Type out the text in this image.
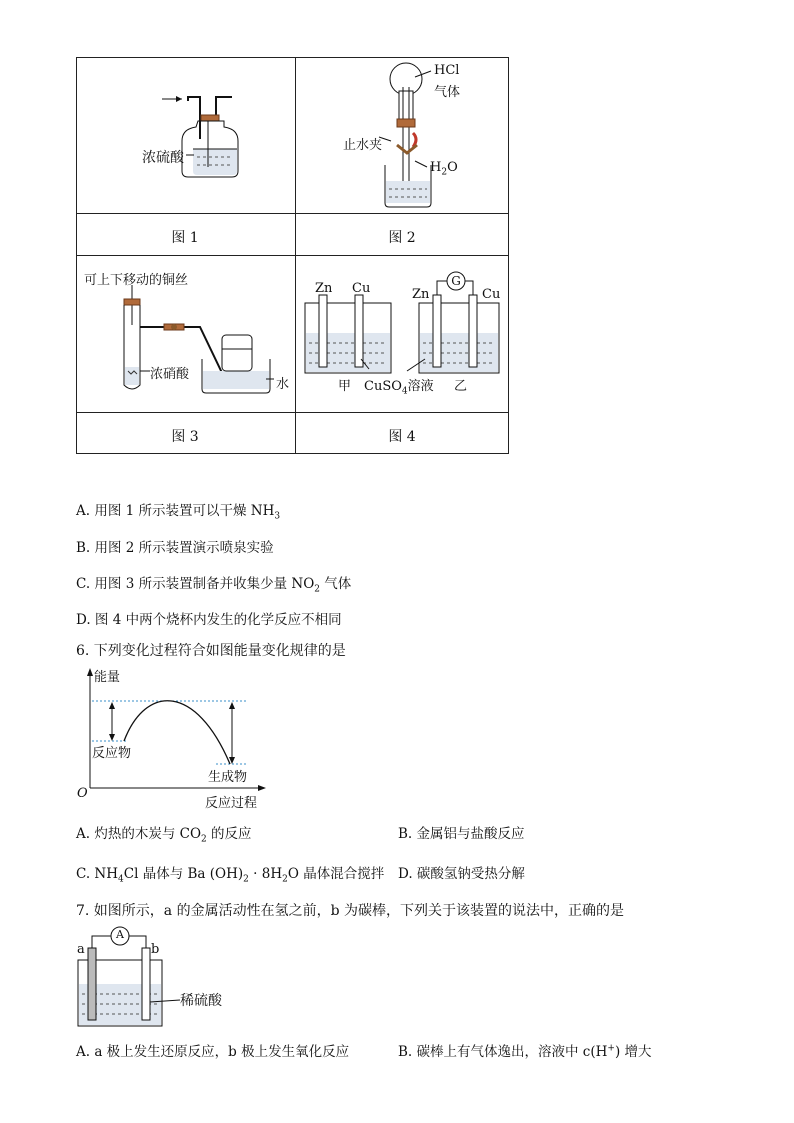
浓硫酸
图 1
HCl
气体
止水夹
$H_2O$
图 2
可上下移动的铜丝
浓硝酸
水
图 3
Zn Cu	Zn
G
Cu
甲 CuSO$_4$溶液 乙
图 4
A. 用图 1 所示装置可以干燥 $NH_3$
B. 用图 2 所示装置演示喷泉实验
C. 用图 3 所示装置制备并收集少量 $NO_2$ 气体
D. 图 4 中两个烧杯内发生的化学反应不相同
6. 下列变化过程符合如图能量变化规律的是
能量
O
反应过程
反应物
生成物
A. 灼热的木炭与 $CO_2$ 的反应	B. 金属铝与盐酸反应
C. $NH_4Cl$ 晶体与 Ba $(OH)_2 \cdot 8H_2O$ 晶体混合搅拌 D. 碳酸氢钠受热分解
7. 如图所示，a 的金属活动性在氢之前，b 为碳棒，下列关于该装置的说法中，正确的是
a	b
A
稀硫酸
A. a 极上发生还原反应，b 极上发生氧化反应	B. 碳棒上有气体逸出，溶液中 c(H+) 增大
